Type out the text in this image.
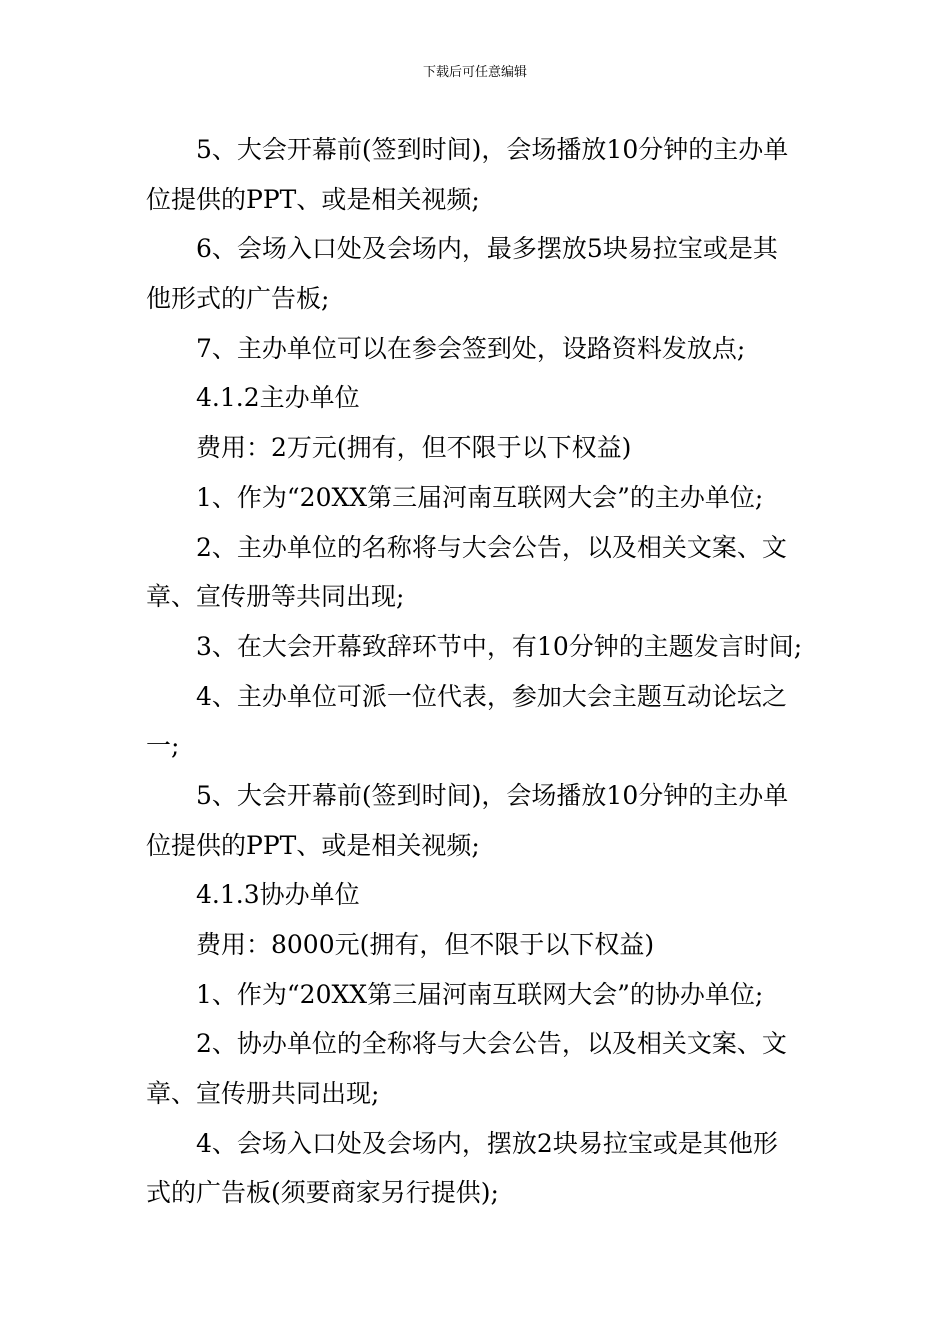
下载后可任意编辑
5、大会开幕前(签到时间)，会场播放10分钟的主办单
位提供的PPT、或是相关视频;
6、会场入口处及会场内，最多摆放5块易拉宝或是其
他形式的广告板;
7、主办单位可以在参会签到处，设路资料发放点;
4.1.2主办单位
费用：2万元(拥有，但不限于以下权益)
1、作为“20XX第三届河南互联网大会”的主办单位;
2、主办单位的名称将与大会公告，以及相关文案、文
章、宣传册等共同出现;
3、在大会开幕致辞环节中，有10分钟的主题发言时间;
4、主办单位可派一位代表，参加大会主题互动论坛之
一;
5、大会开幕前(签到时间)，会场播放10分钟的主办单
位提供的PPT、或是相关视频;
4.1.3协办单位
费用：8000元(拥有，但不限于以下权益)
1、作为“20XX第三届河南互联网大会”的协办单位;
2、协办单位的全称将与大会公告，以及相关文案、文
章、宣传册共同出现;
4、会场入口处及会场内，摆放2块易拉宝或是其他形
式的广告板(须要商家另行提供);
